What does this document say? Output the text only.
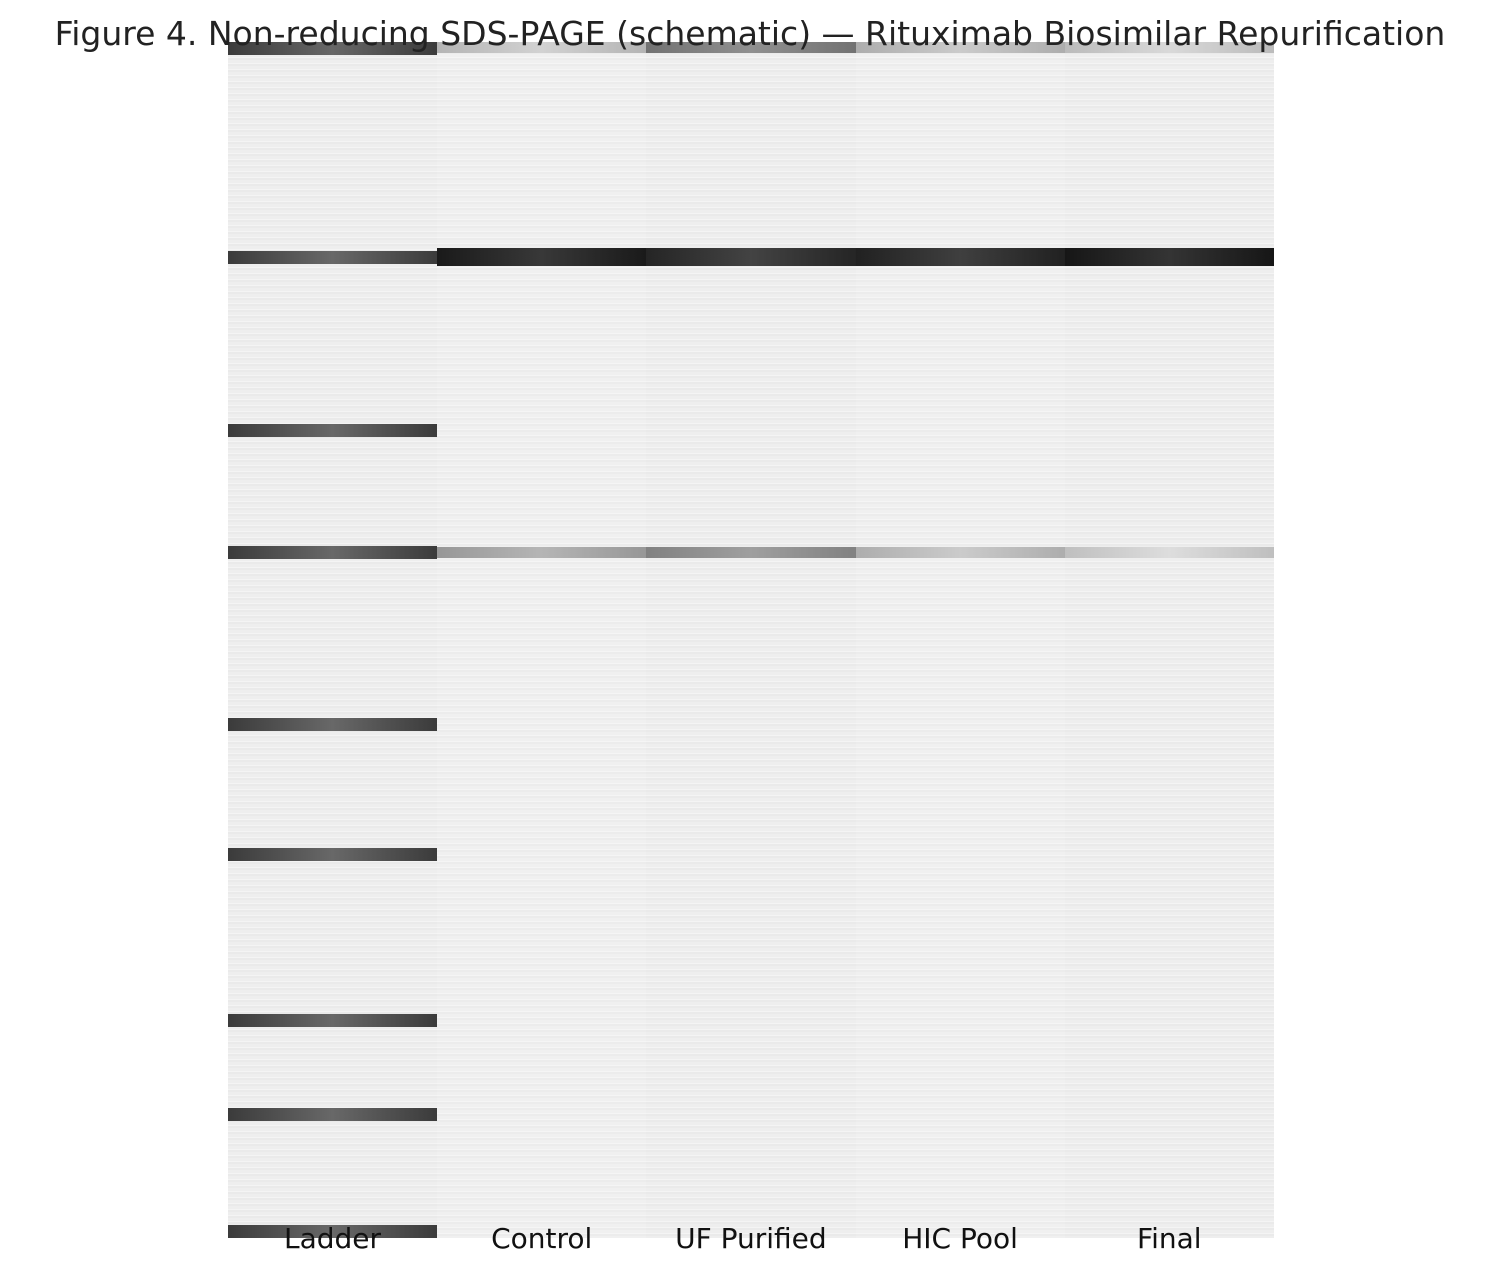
Figure 4. Non-reducing SDS-PAGE (schematic) — Rituximab Biosimilar Repurification
Ladder	Control	UF Purified	HIC Pool	Final
